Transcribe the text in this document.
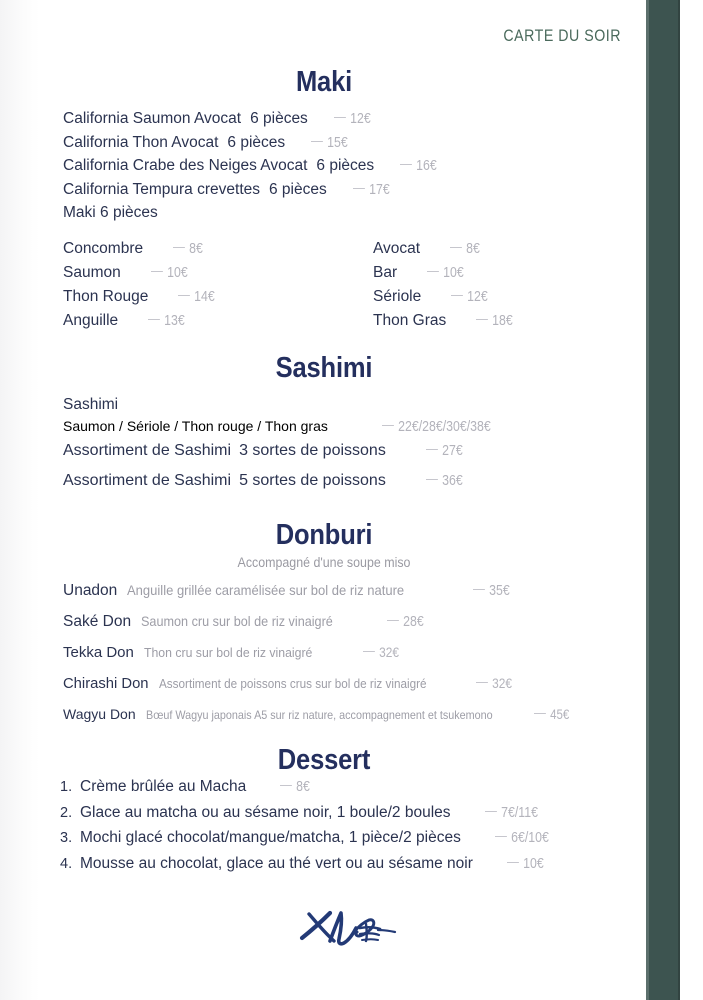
CARTE DU SOIR
Maki
California Saumon Avocat 6 pièces	12€
California Thon Avocat 6 pièces	15€
California Crabe des Neiges Avocat 6 pièces	16€
California Tempura crevettes 6 pièces	17€
Maki 6 pièces
Concombre	8€
Saumon	10€
Thon Rouge	14€
Anguille	13€
Avocat	8€
Bar	10€
Sériole	12€
Thon Gras	18€
Sashimi
Sashimi
Saumon / Sériole / Thon rouge / Thon gras	22€/28€/30€/38€
Assortiment de Sashimi 3 sortes de poissons	27€
Assortiment de Sashimi 5 sortes de poissons	36€
Donburi
Accompagné d'une soupe miso
Unadon Anguille grillée caramélisée sur bol de riz nature	35€
Saké Don Saumon cru sur bol de riz vinaigré	28€
Tekka Don Thon cru sur bol de riz vinaigré	32€
Chirashi Don Assortiment de poissons crus sur bol de riz vinaigré	32€
Wagyu Don Bœuf Wagyu japonais A5 sur riz nature, accompagnement et tsukemono	45€
Dessert
1. Crème brûlée au Macha	8€
2. Glace au matcha ou au sésame noir, 1 boule/2 boules	7€/11€
3. Mochi glacé chocolat/mangue/matcha, 1 pièce/2 pièces	6€/10€
4. Mousse au chocolat, glace au thé vert ou au sésame noir	10€
